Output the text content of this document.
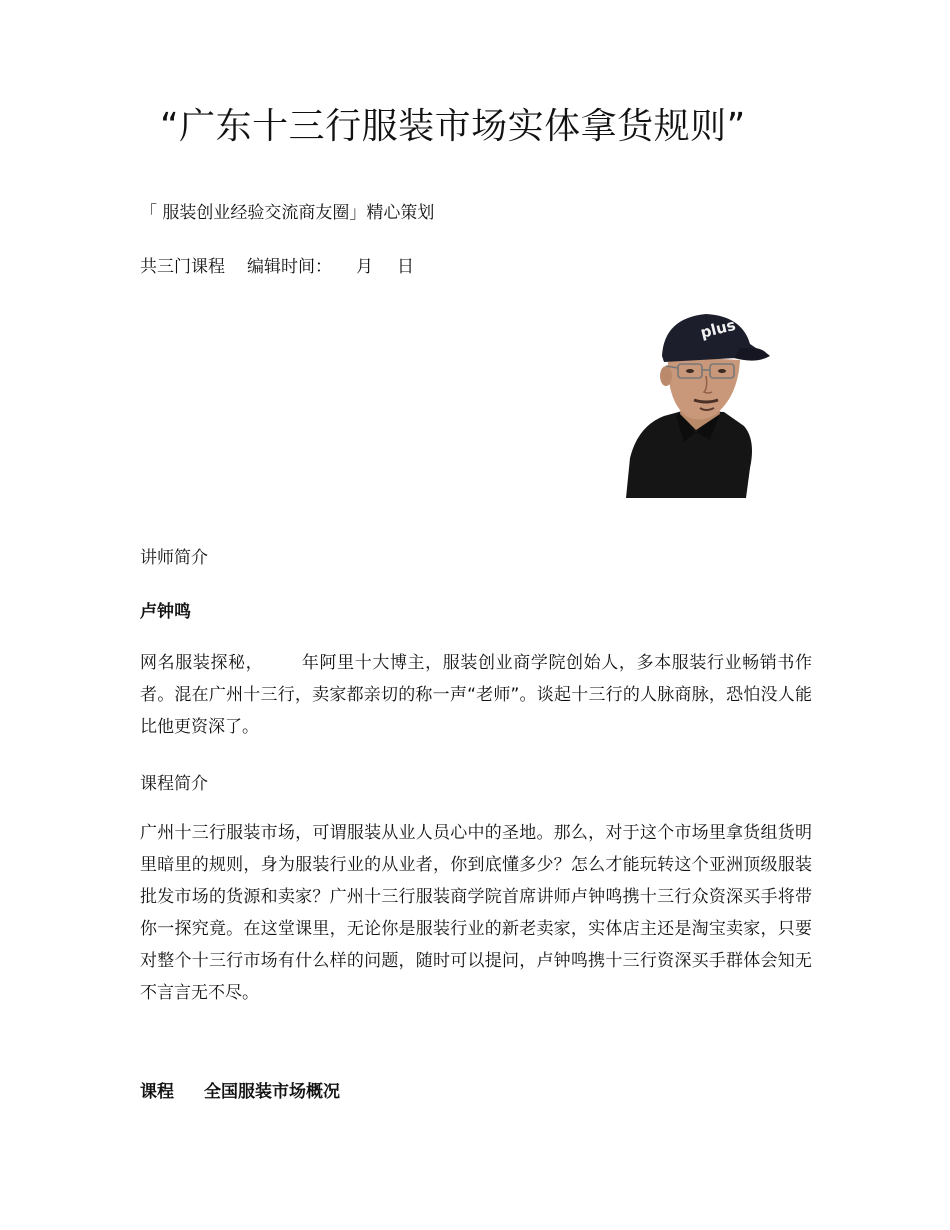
“广东十三行服装市场实体拿货规则”
「 服装创业经验交流商友圈」精心策划
共三门课程 编辑时间： 月 日
plus
讲师简介
卢钟鸣
网名服装探秘， 年阿里十大博主，服装创业商学院创始人，多本服装行业畅销书作者。混在广州十三行，卖家都亲切的称一声“老师”。谈起十三行的人脉商脉，恐怕没人能比他更资深了。
课程简介
广州十三行服装市场，可谓服装从业人员心中的圣地。那么，对于这个市场里拿货组货明里暗里的规则，身为服装行业的从业者，你到底懂多少？怎么才能玩转这个亚洲顶级服装批发市场的货源和卖家？广州十三行服装商学院首席讲师卢钟鸣携十三行众资深买手将带你一探究竟。在这堂课里，无论你是服装行业的新老卖家，实体店主还是淘宝卖家，只要对整个十三行市场有什么样的问题，随时可以提问，卢钟鸣携十三行资深买手群体会知无不言言无不尽。
课程 全国服装市场概况
